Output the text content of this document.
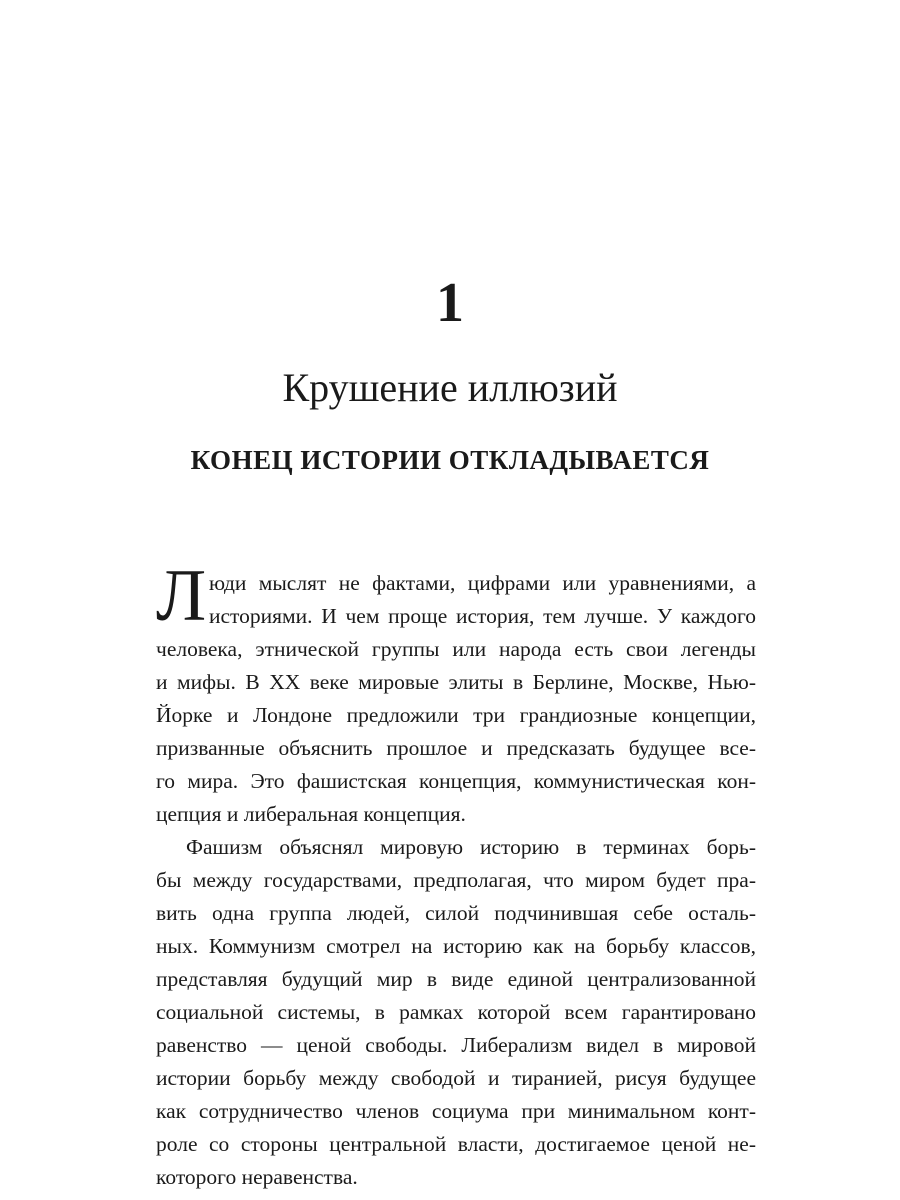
1
Крушение иллюзий
КОНЕЦ ИСТОРИИ ОТКЛАДЫВАЕТСЯ
Л юди мыслят не фактами, цифрами или уравнениями, а
историями. И чем проще история, тем лучше. У каждого
человека, этнической группы или народа есть свои легенды
и мифы. В XX веке мировые элиты в Берлине, Москве, Нью-
Йорке и Лондоне предложили три грандиозные концепции,
призванные объяснить прошлое и предсказать будущее все-
го мира. Это фашистская концепция, коммунистическая кон-
цепция и либеральная концепция.
Фашизм объяснял мировую историю в терминах борь-
бы между государствами, предполагая, что миром будет пра-
вить одна группа людей, силой подчинившая себе осталь-
ных. Коммунизм смотрел на историю как на борьбу классов,
представляя будущий мир в виде единой централизованной
социальной системы, в рамках которой всем гарантировано
равенство — ценой свободы. Либерализм видел в мировой
истории борьбу между свободой и тиранией, рисуя будущее
как сотрудничество членов социума при минимальном конт-
роле со стороны центральной власти, достигаемое ценой не-
которого неравенства.
